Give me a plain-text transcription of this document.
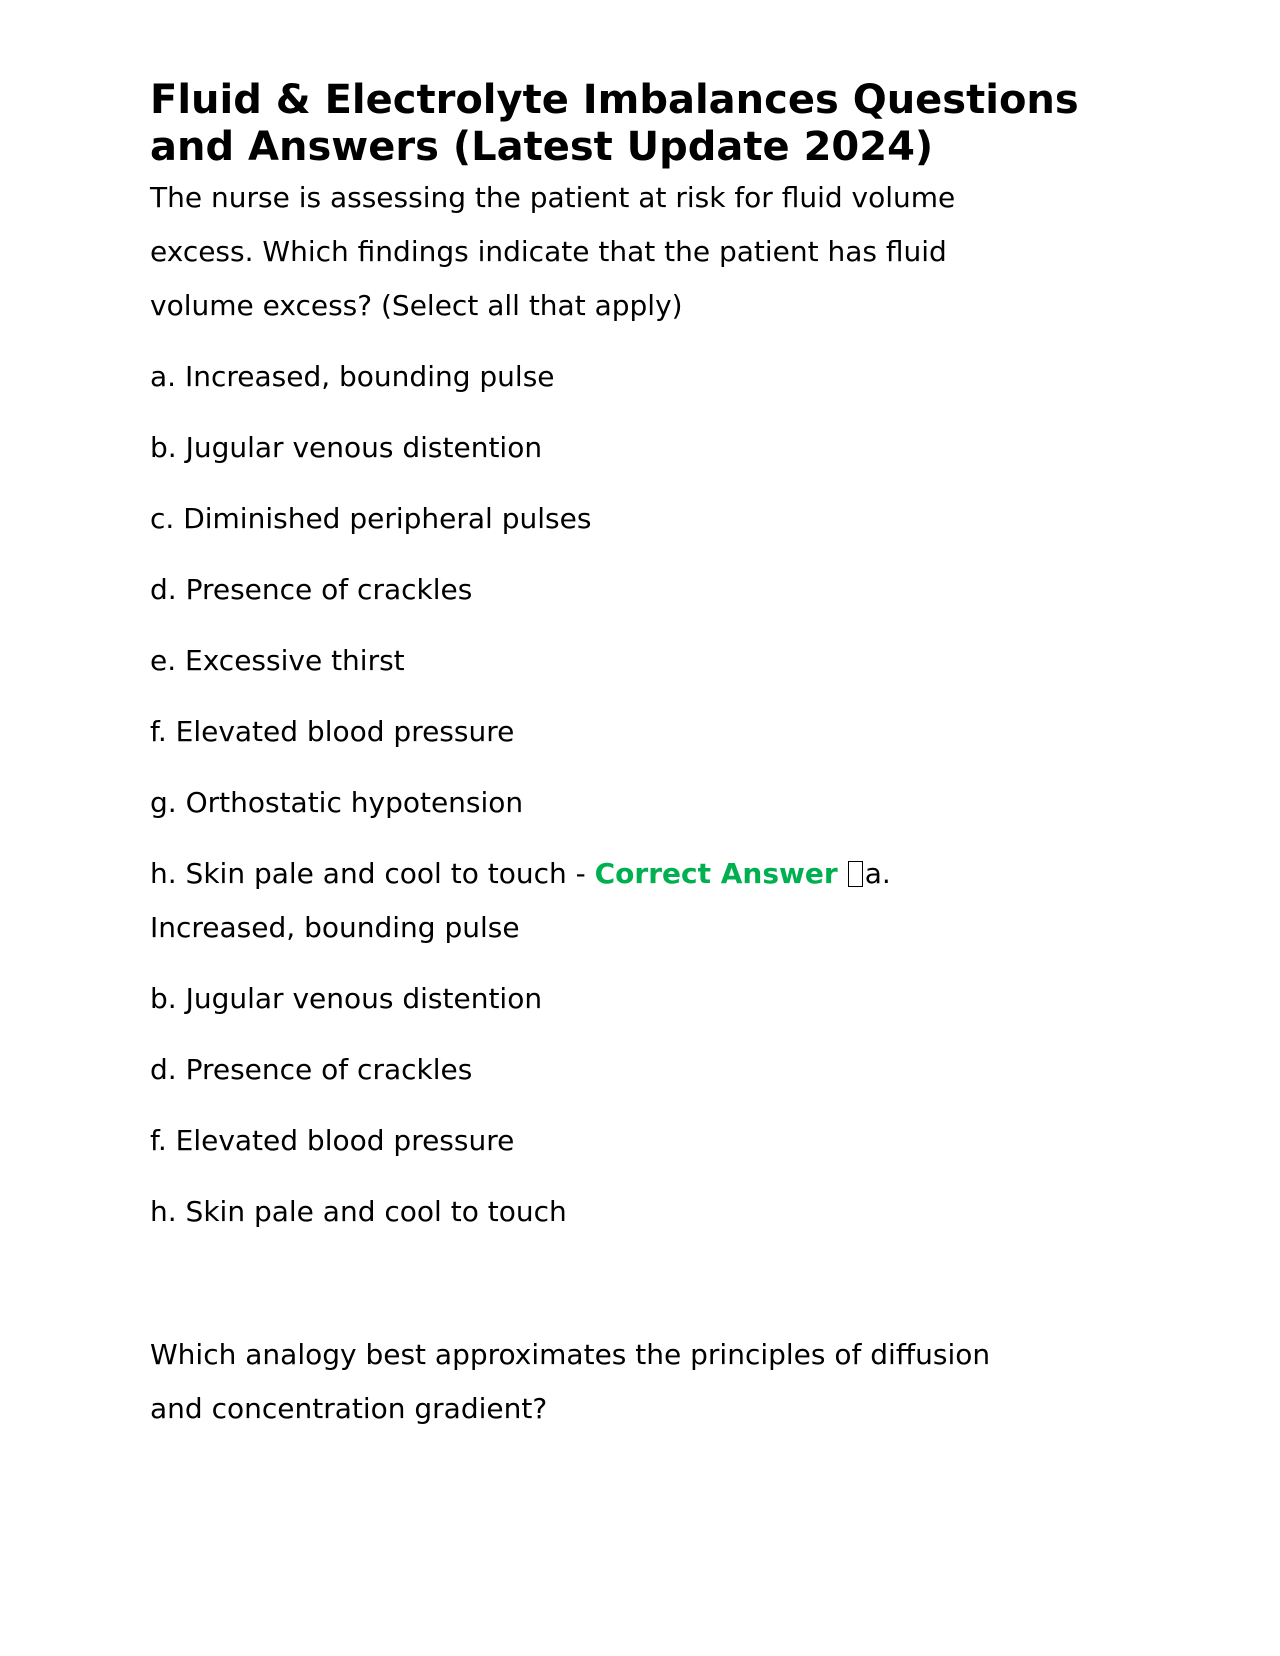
Fluid & Electrolyte Imbalances Questions
and Answers (Latest Update 2024)
The nurse is assessing the patient at risk for fluid volume
excess. Which findings indicate that the patient has fluid
volume excess? (Select all that apply)
a. Increased, bounding pulse
b. Jugular venous distention
c. Diminished peripheral pulses
d. Presence of crackles
e. Excessive thirst
f. Elevated blood pressure
g. Orthostatic hypotension
h. Skin pale and cool to touch - Correct Answer a.
Increased, bounding pulse
b. Jugular venous distention
d. Presence of crackles
f. Elevated blood pressure
h. Skin pale and cool to touch
Which analogy best approximates the principles of diffusion
and concentration gradient?
